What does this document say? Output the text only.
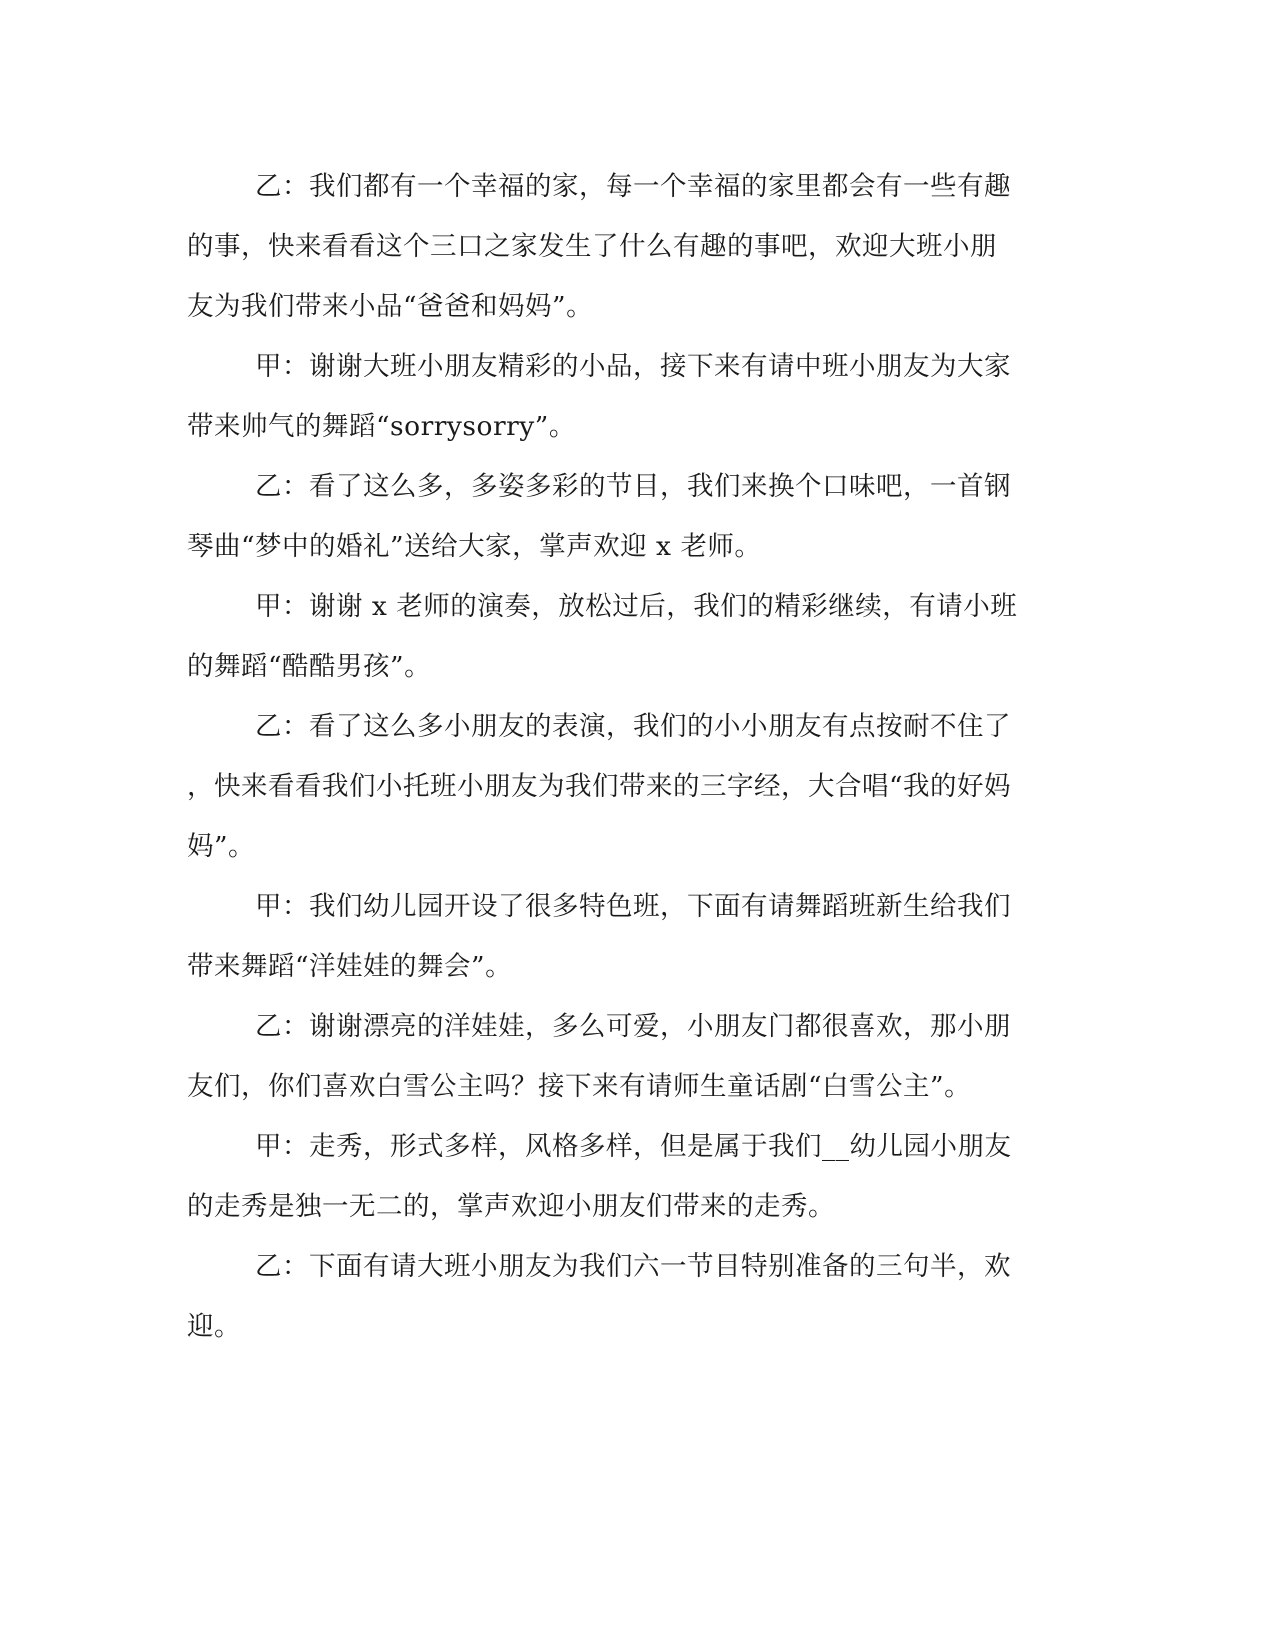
乙：我们都有一个幸福的家，每一个幸福的家里都会有一些有趣
的事，快来看看这个三口之家发生了什么有趣的事吧，欢迎大班小朋
友为我们带来小品“爸爸和妈妈”。
甲：谢谢大班小朋友精彩的小品，接下来有请中班小朋友为大家
带来帅气的舞蹈“sorrysorry”。
乙：看了这么多，多姿多彩的节目，我们来换个口味吧，一首钢
琴曲“梦中的婚礼”送给大家，掌声欢迎 x 老师。
甲：谢谢 x 老师的演奏，放松过后，我们的精彩继续，有请小班
的舞蹈“酷酷男孩”。
乙：看了这么多小朋友的表演，我们的小小朋友有点按耐不住了
，快来看看我们小托班小朋友为我们带来的三字经，大合唱“我的好妈
妈”。
甲：我们幼儿园开设了很多特色班，下面有请舞蹈班新生给我们
带来舞蹈“洋娃娃的舞会”。
乙：谢谢漂亮的洋娃娃，多么可爱，小朋友门都很喜欢，那小朋
友们，你们喜欢白雪公主吗？接下来有请师生童话剧“白雪公主”。
甲：走秀，形式多样，风格多样，但是属于我们__幼儿园小朋友
的走秀是独一无二的，掌声欢迎小朋友们带来的走秀。
乙：下面有请大班小朋友为我们六一节目特别准备的三句半，欢
迎。
